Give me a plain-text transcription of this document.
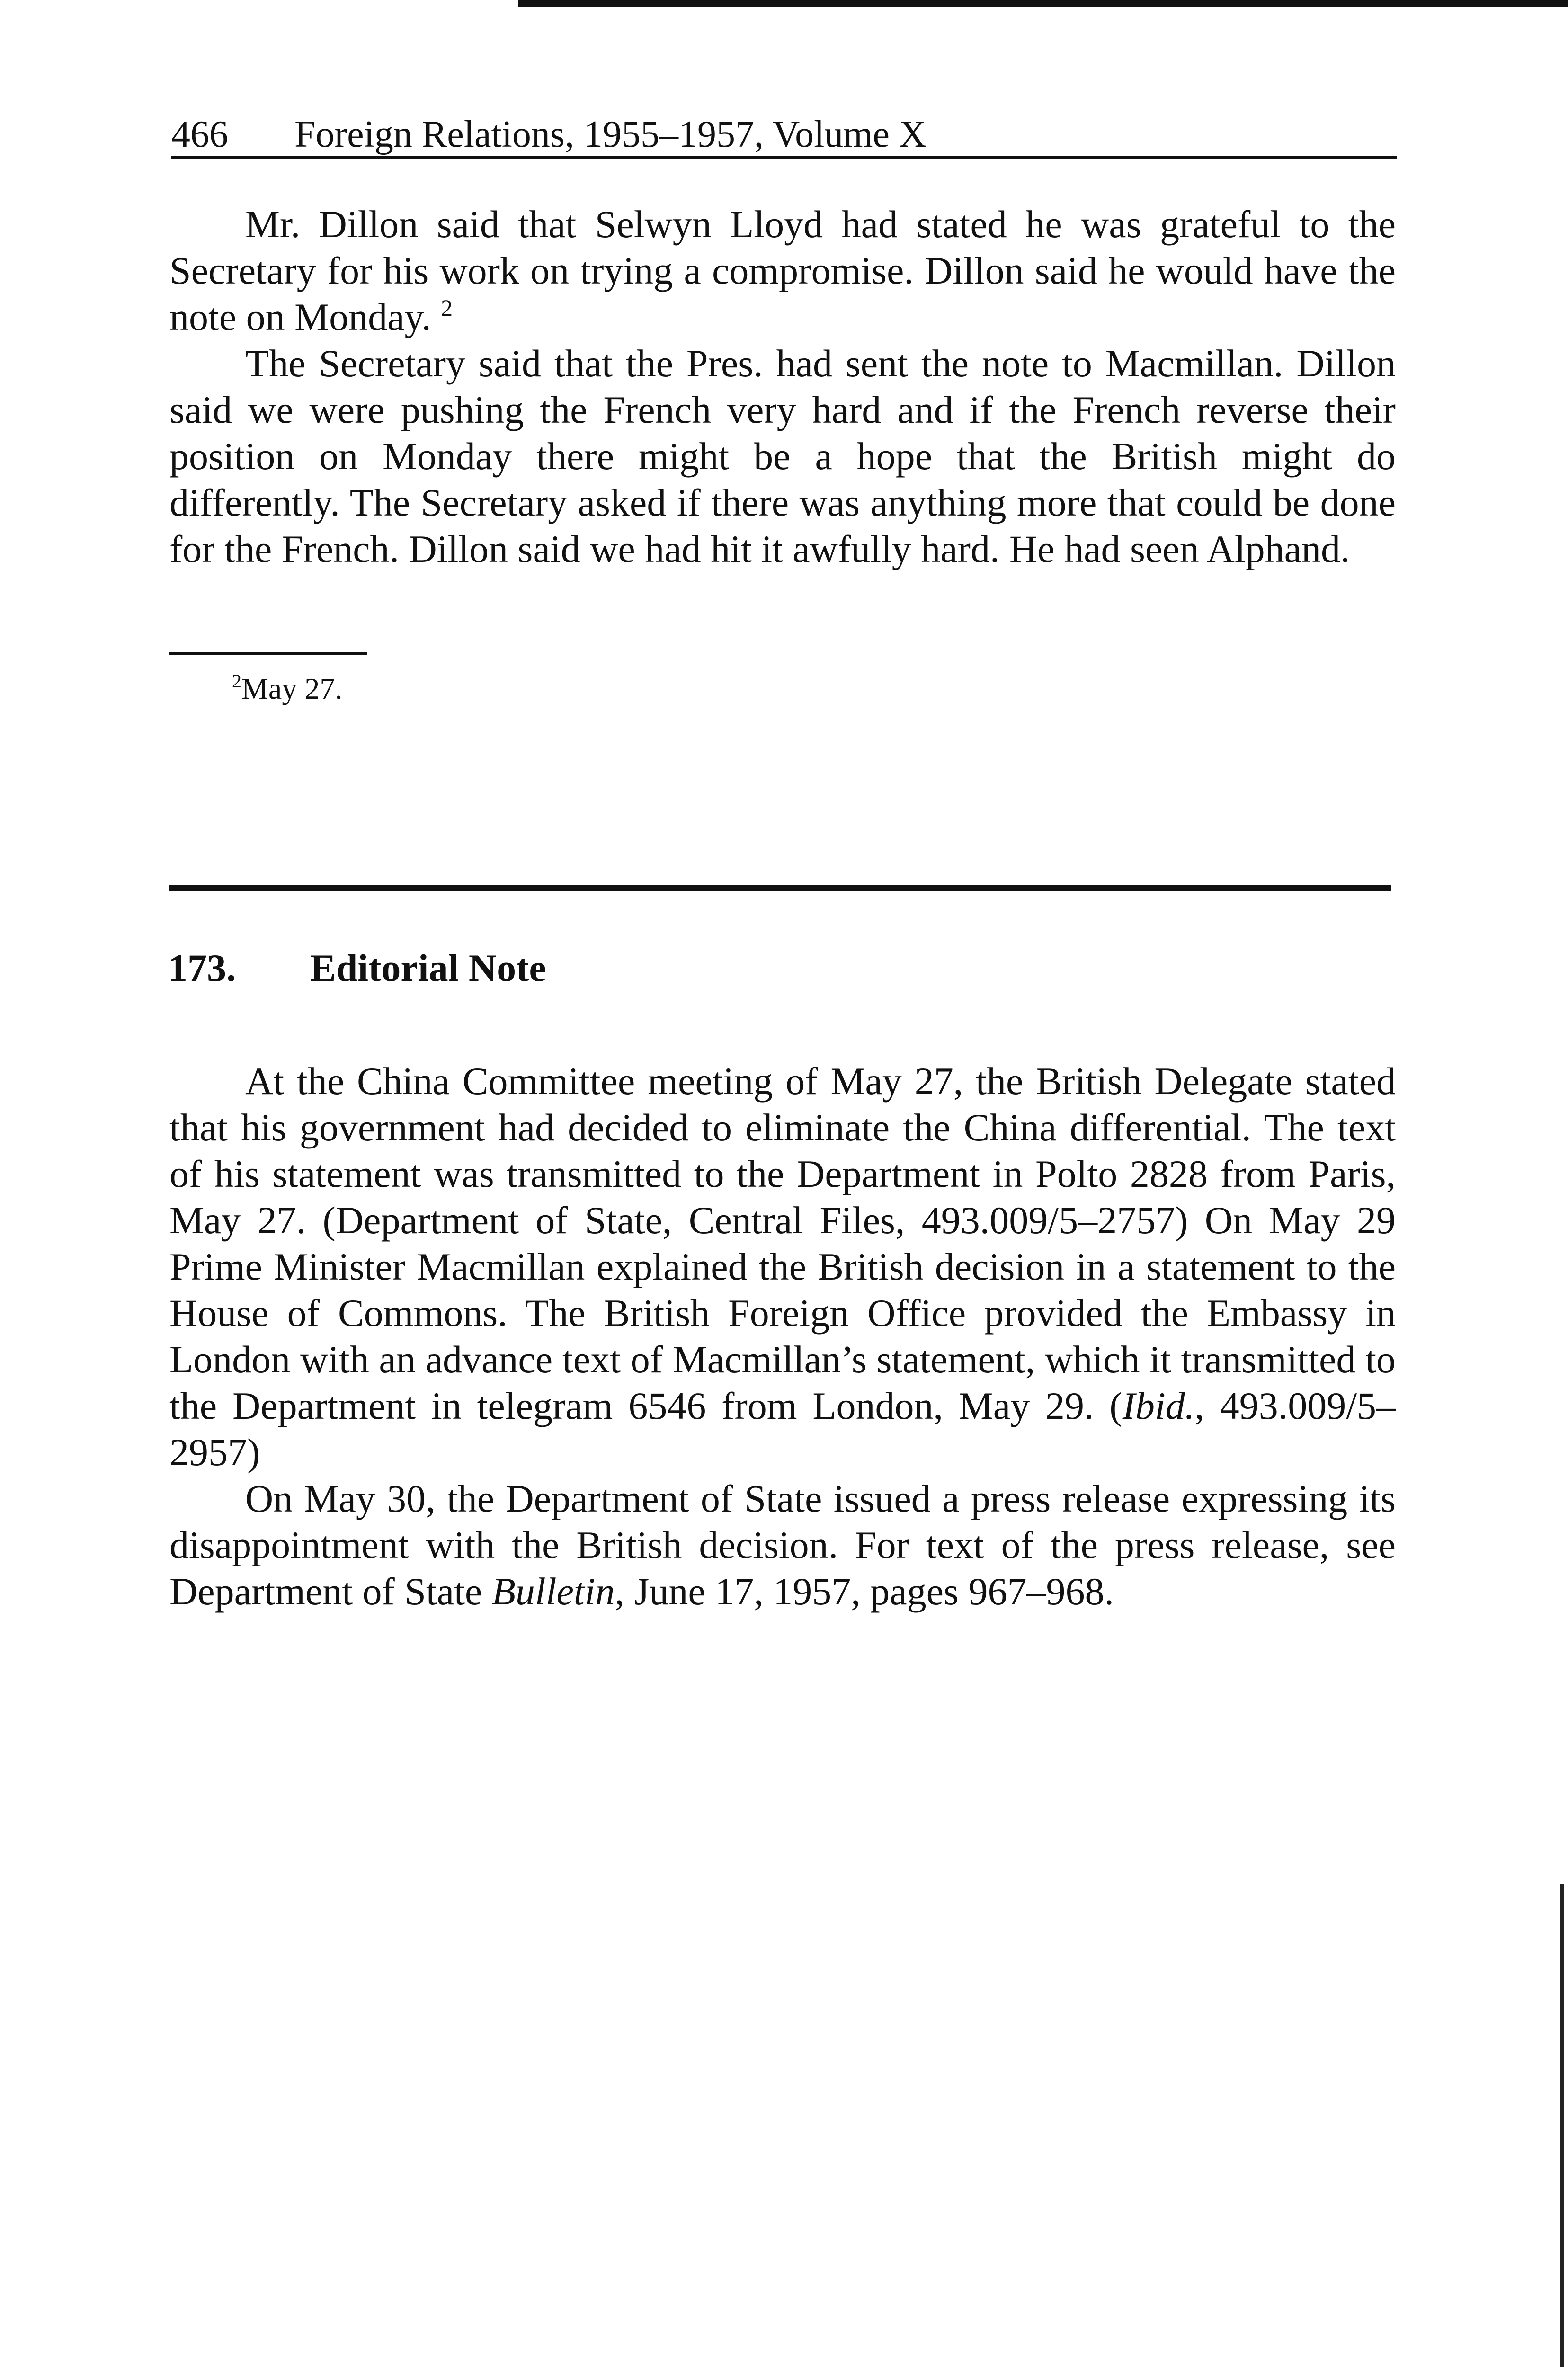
466 Foreign Relations, 1955–1957, Volume X

Mr. Dillon said that Selwyn Lloyd had stated he was grateful to the Secretary for his work on trying a compromise. Dillon said he would have the note on Monday. $^2$

The Secretary said that the Pres. had sent the note to Macmillan. Dillon said we were pushing the French very hard and if the French reverse their position on Monday there might be a hope that the British might do differently. The Secretary asked if there was anything more that could be done for the French. Dillon said we had hit it awfully hard. He had seen Alphand.

$^2$May 27.
173. Editorial Note

At the China Committee meeting of May 27, the British Delegate stated that his government had decided to eliminate the China differential. The text of his statement was transmitted to the Department in Polto 2828 from Paris, May 27. (Department of State, Central Files, 493.009/5–2757) On May 29 Prime Minister Macmillan explained the British decision in a statement to the House of Commons. The British Foreign Office provided the Embassy in London with an advance text of Macmillan’s statement, which it transmitted to the Department in telegram 6546 from London, May 29. (Ibid., 493.009/5–2957)

On May 30, the Department of State issued a press release expressing its disappointment with the British decision. For text of the press release, see Department of State Bulletin, June 17, 1957, pages 967–968.
